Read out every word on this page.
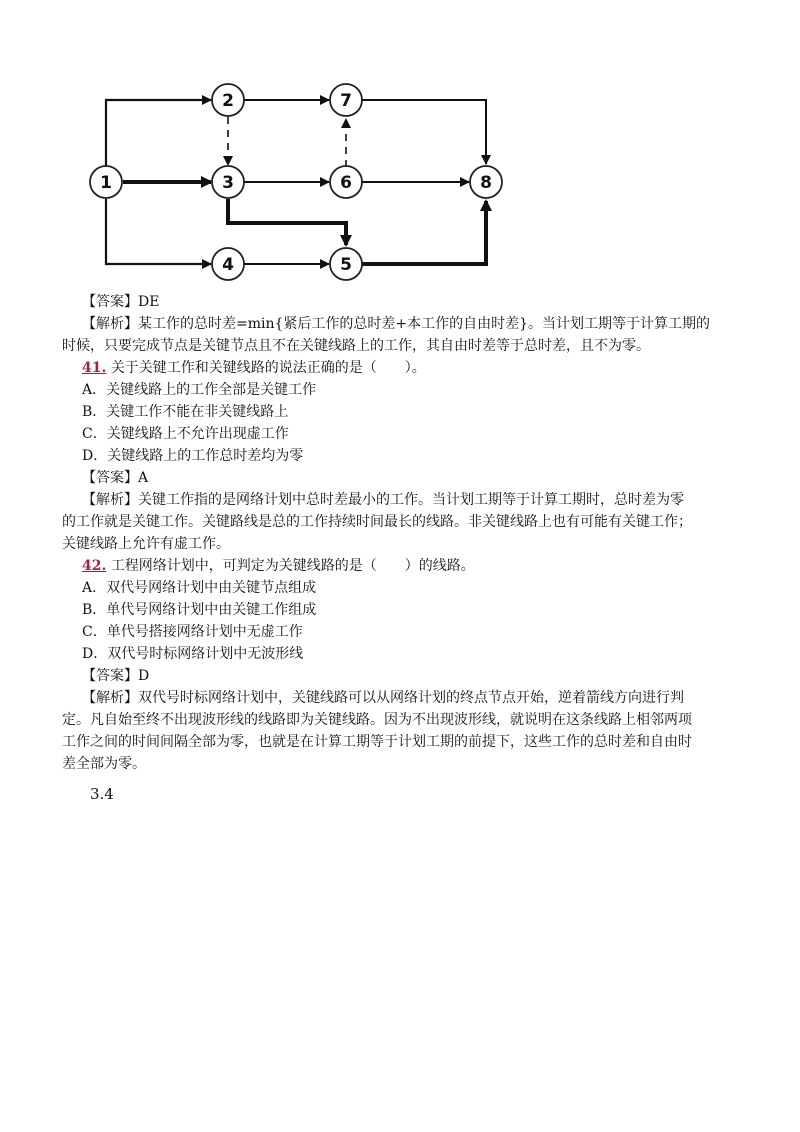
1
2
3
4	5
6
7
8
【答案】DE
【解析】某工作的总时差=min{紧后工作的总时差+本工作的自由时差}。当计划工期等于计算工期的
时候，只要完成节点是关键节点且不在关键线路上的工作，其自由时差等于总时差，且不为零。
41. 关于关键工作和关键线路的说法正确的是（　　）。
A．关键线路上的工作全部是关键工作
B．关键工作不能在非关键线路上
C．关键线路上不允许出现虚工作
D．关键线路上的工作总时差均为零
【答案】A
【解析】关键工作指的是网络计划中总时差最小的工作。当计划工期等于计算工期时，总时差为零
的工作就是关键工作。关键路线是总的工作持续时间最长的线路。非关键线路上也有可能有关键工作；
关键线路上允许有虚工作。
42. 工程网络计划中，可判定为关键线路的是（　　）的线路。
A．双代号网络计划中由关键节点组成
B．单代号网络计划中由关键工作组成
C．单代号搭接网络计划中无虚工作
D．双代号时标网络计划中无波形线
【答案】D
【解析】双代号时标网络计划中，关键线路可以从网络计划的终点节点开始，逆着箭线方向进行判
定。凡自始至终不出现波形线的线路即为关键线路。因为不出现波形线，就说明在这条线路上相邻两项
工作之间的时间间隔全部为零，也就是在计算工期等于计划工期的前提下，这些工作的总时差和自由时
差全部为零。
3.4
